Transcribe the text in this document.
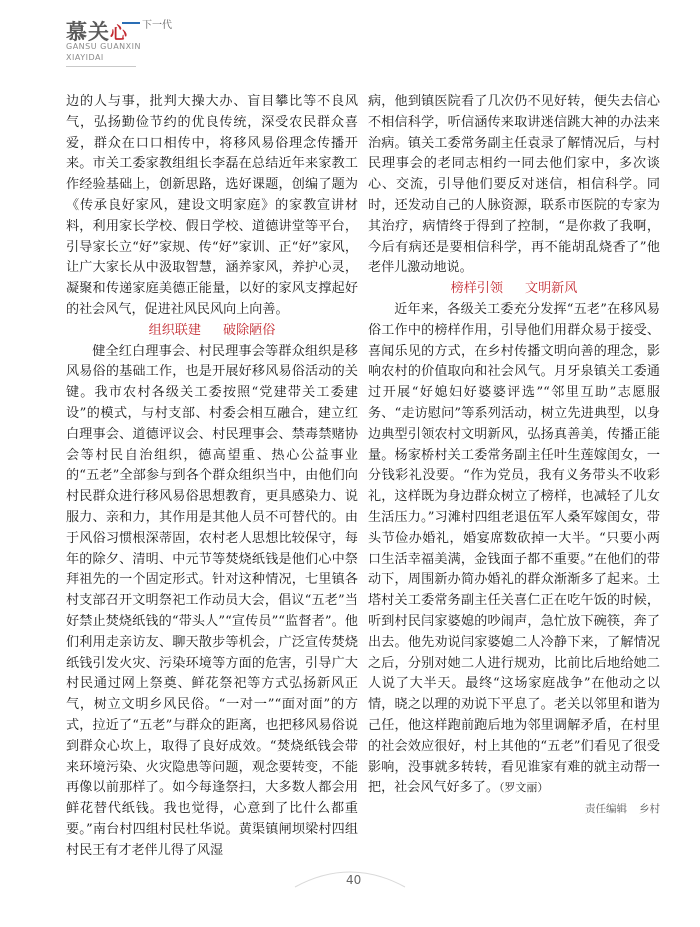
慕关心 下一代
GANSU GUANXIN
XIAYIDAI

边的人与事，批判大操大办、盲目攀比等不良风气，弘扬勤俭节约的优良传统，深受农民群众喜爱，群众在口口相传中，将移风易俗理念传播开来。市关工委家教组组长李磊在总结近年来家教工作经验基础上，创新思路，选好课题，创编了题为《传承良好家风，建设文明家庭》的家教宣讲材料，利用家长学校、假日学校、道德讲堂等平台，引导家长立“好”家规、传“好”家训、正“好”家风，让广大家长从中汲取智慧，涵养家风，养护心灵，凝聚和传递家庭美德正能量，以好的家风支撑起好的社会风气，促进社风民风向上向善。

组织联建 破除陋俗

健全红白理事会、村民理事会等群众组织是移风易俗的基础工作，也是开展好移风易俗活动的关键。我市农村各级关工委按照“党建带关工委建设”的模式，与村支部、村委会相互融合，建立红白理事会、道德评议会、村民理事会、禁毒禁赌协会等村民自治组织，德高望重、热心公益事业的“五老”全部参与到各个群众组织当中，由他们向村民群众进行移风易俗思想教育，更具感染力、说服力、亲和力，其作用是其他人员不可替代的。由于风俗习惯根深蒂固，农村老人思想比较保守，每年的除夕、清明、中元节等焚烧纸钱是他们心中祭拜祖先的一个固定形式。针对这种情况，七里镇各村支部召开文明祭祀工作动员大会，倡议“五老”当好禁止焚烧纸钱的“带头人”“宣传员”“监督者”。他们利用走亲访友、聊天散步等机会，广泛宣传焚烧纸钱引发火灾、污染环境等方面的危害，引导广大村民通过网上祭奠、鲜花祭祀等方式弘扬新风正气，树立文明乡风民俗。“一对一”“面对面”的方式，拉近了“五老”与群众的距离，也把移风易俗说到群众心坎上，取得了良好成效。“焚烧纸钱会带来环境污染、火灾隐患等问题，观念要转变，不能再像以前那样了。如今每逢祭扫，大多数人都会用鲜花替代纸钱。我也觉得，心意到了比什么都重要。”南台村四组村民杜华说。黄渠镇闸坝梁村四组村民王有才老伴儿得了风湿

病，他到镇医院看了几次仍不见好转，便失去信心不相信科学，听信涵传来取讲迷信跳大神的办法来治病。镇关工委常务副主任袁录了解情况后，与村民理事会的老同志相约一同去他们家中，多次谈心、交流，引导他们要反对迷信，相信科学。同时，还发动自己的人脉资源，联系市医院的专家为其治疗，病情终于得到了控制，“是你救了我啊，今后有病还是要相信科学，再不能胡乱烧香了”他老伴儿激动地说。

榜样引领 文明新风

近年来，各级关工委充分发挥“五老”在移风易俗工作中的榜样作用，引导他们用群众易于接受、喜闻乐见的方式，在乡村传播文明向善的理念，影响农村的价值取向和社会风气。月牙泉镇关工委通过开展“好媳妇好婆婆评选”“邻里互助”志愿服务、“走访慰问”等系列活动，树立先进典型，以身边典型引领农村文明新风，弘扬真善美，传播正能量。杨家桥村关工委常务副主任叶生莲嫁闺女，一分钱彩礼没要。“作为党员，我有义务带头不收彩礼，这样既为身边群众树立了榜样，也减轻了儿女生活压力。”习滩村四组老退伍军人桑军嫁闺女，带头节俭办婚礼，婚宴席数砍掉一大半。“只要小两口生活幸福美满，金钱面子都不重要。”在他们的带动下，周围新办简办婚礼的群众渐渐多了起来。土塔村关工委常务副主任关喜仁正在吃午饭的时候，听到村民闫家婆媳的吵闹声，急忙放下碗筷，奔了出去。他先劝说闫家婆媳二人冷静下来，了解情况之后，分别对她二人进行规劝，比前比后地给她二人说了大半天。最终“这场家庭战争”在他动之以情，晓之以理的劝说下平息了。老关以邻里和谐为己任，他这样跑前跑后地为邻里调解矛盾，在村里的社会效应很好，村上其他的“五老”们看见了很受影响，没事就多转转，看见谁家有难的就主动帮一把，社会风气好多了。（罗文丽）

责任编辑 乡村

40
